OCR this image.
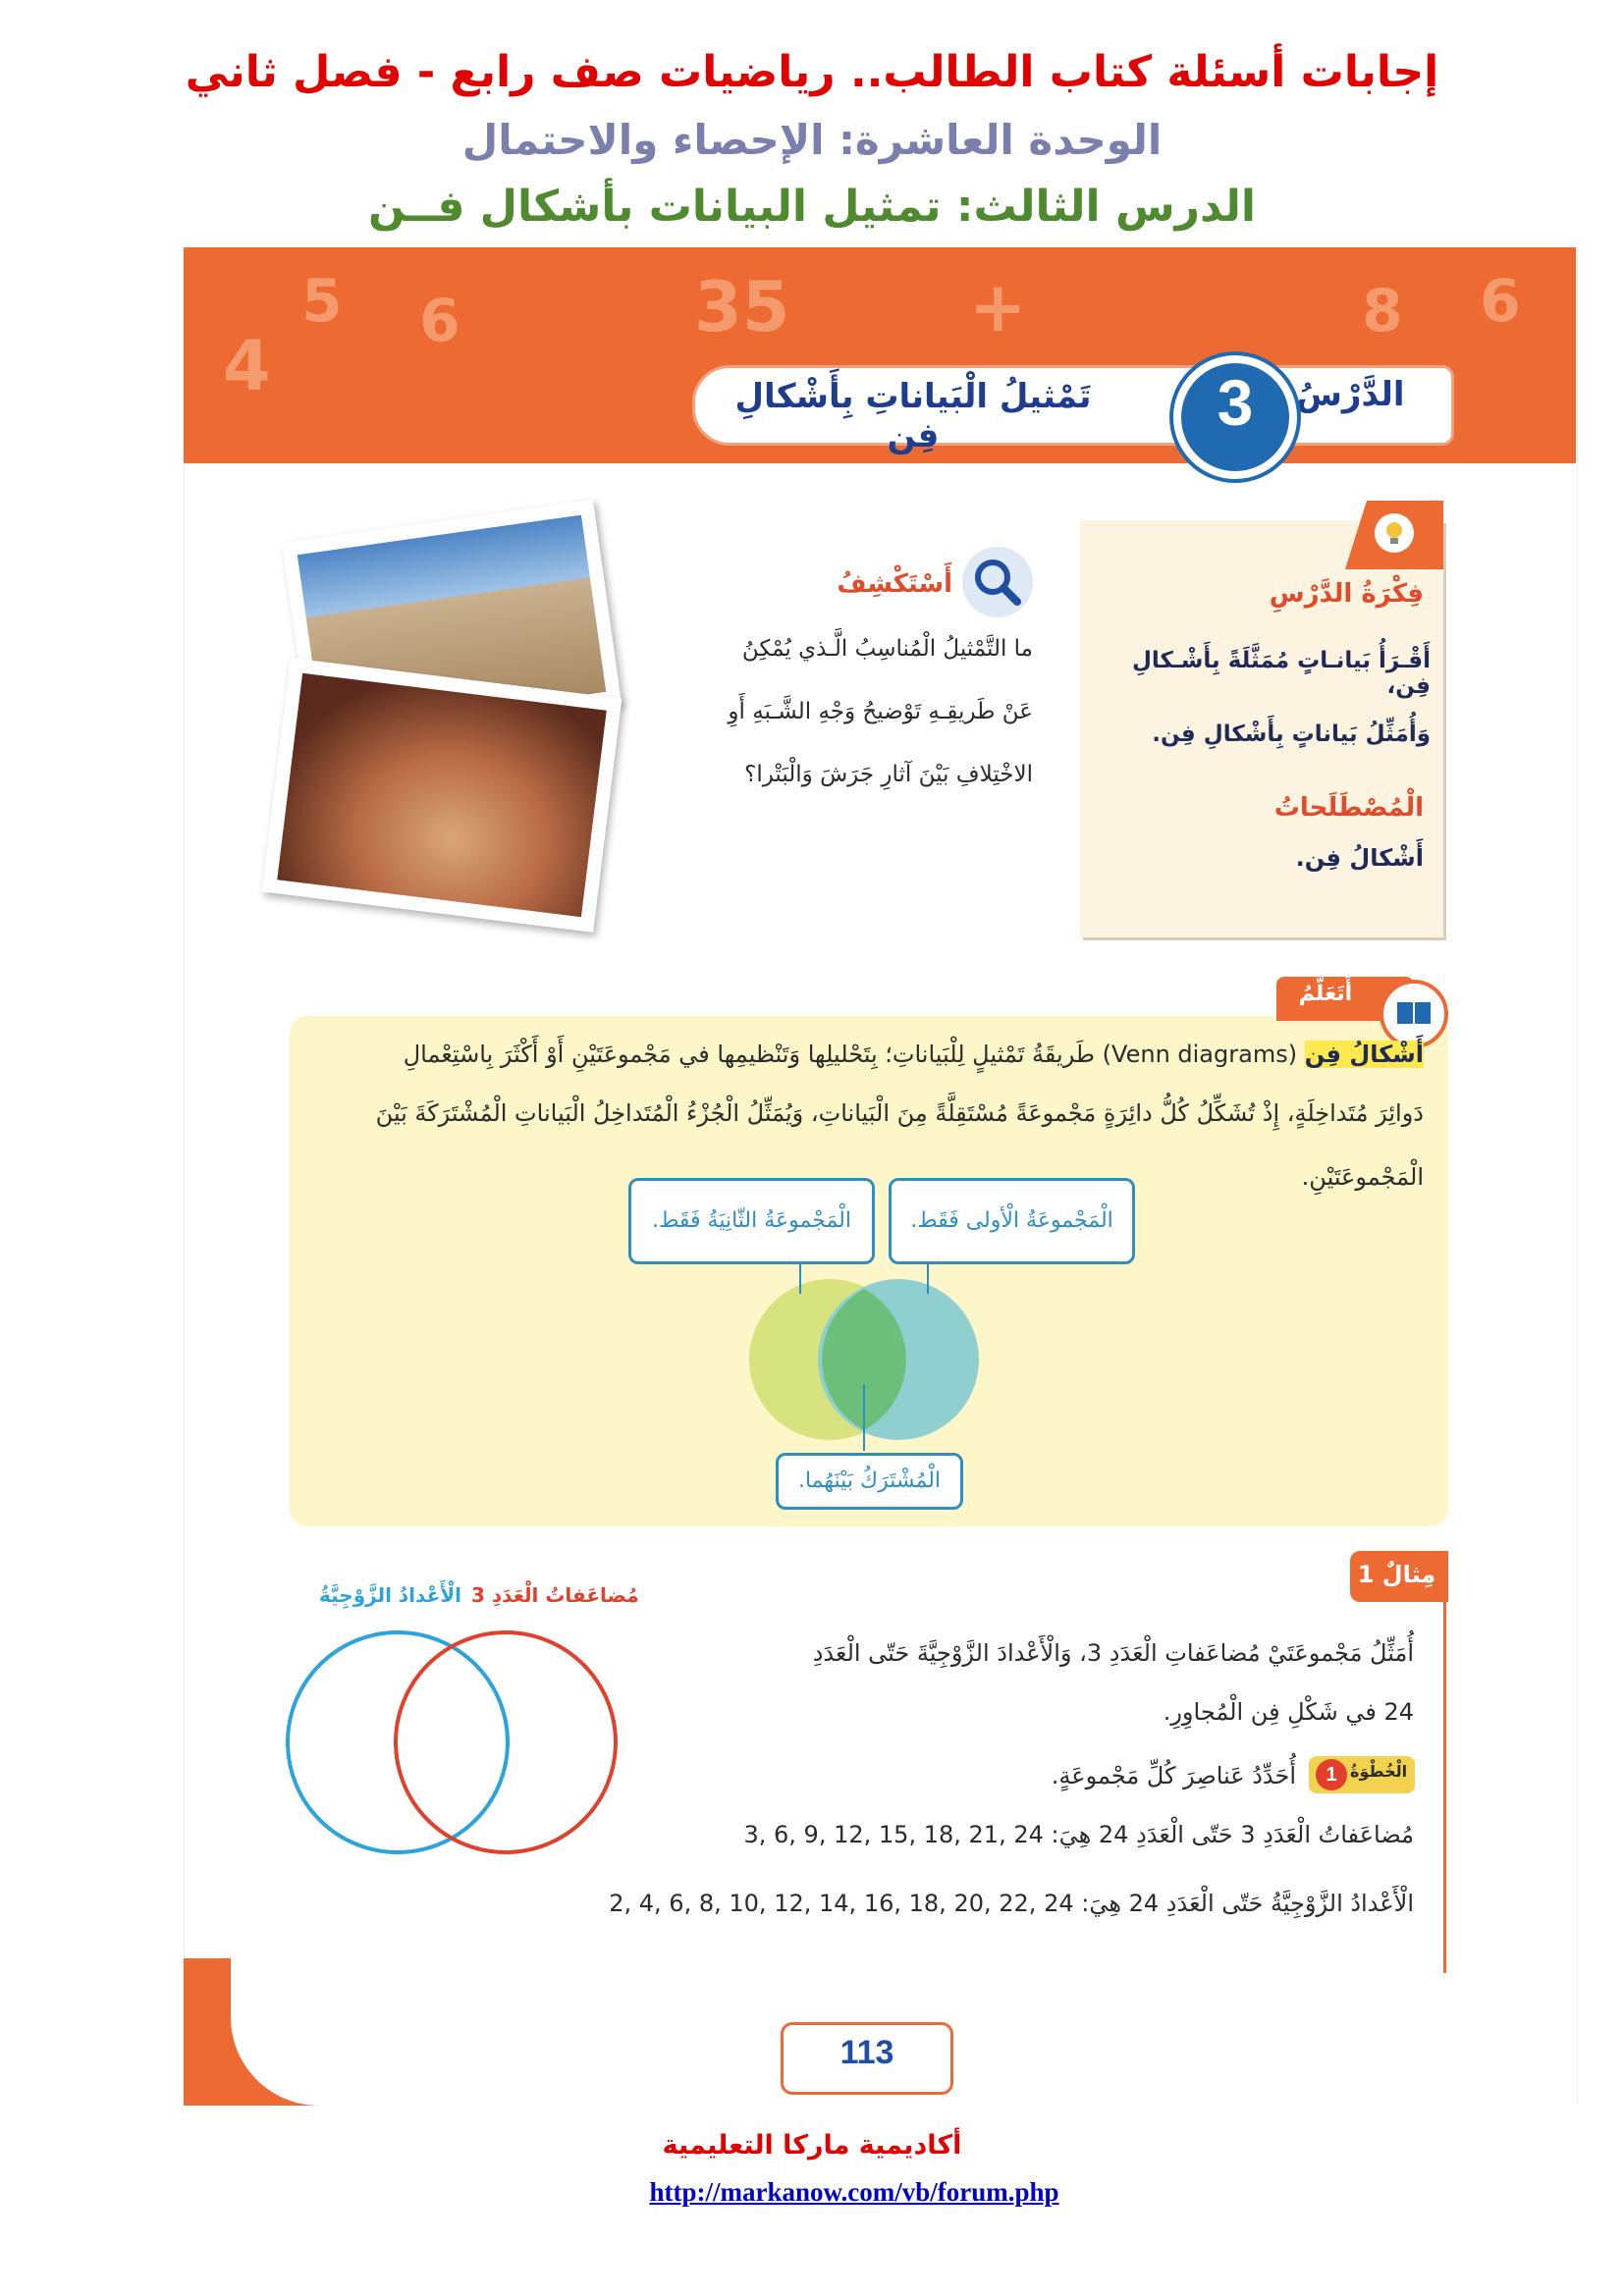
إجابات أسئلة كتاب الطالب.. رياضيات صف رابع - فصل ثاني
الوحدة العاشرة: الإحصاء والاحتمال
الدرس الثالث: تمثيل البيانات بأشكال فــن
4
5 6	35	+	8 6
تَمْثيلُ الْبَياناتِ بِأَشْكالِ فِن
الدَّرْسُ
3
فِكْرَةُ الدَّرْسِ
أَقْـرَأُ بَيانـاتٍ مُمَثَّلَةً بِأَشْـكالِ فِن،
وَأُمَثِّلُ بَياناتٍ بِأَشْكالِ فِن.
الْمُصْطَلَحاتُ
أَشْكالُ فِن.
أَسْتَكْشِفُ
ما التَّمْثيلُ الْمُناسِبُ الَّـذي يُمْكِنُ
عَنْ طَريقِـهِ تَوْضيحُ وَجْهِ الشَّـبَهِ أَوِ
الاخْتِلافِ بَيْنَ آثارِ جَرَشَ وَالْبَتْرا؟
أَتَعَلَّمُ
أَشْكالُ فِن (Venn diagrams) طَريقَةُ تَمْثيلٍ لِلْبَياناتِ؛ بِتَحْليلِها وَتَنْظيمِها في مَجْموعَتَيْنِ أَوْ أَكْثَرَ بِاسْتِعْمالِ
دَوائِرَ مُتَداخِلَةٍ، إِذْ تُشَكِّلُ كُلُّ دائِرَةٍ مَجْموعَةً مُسْتَقِلَّةً مِنَ الْبَياناتِ، وَيُمَثِّلُ الْجُزْءُ الْمُتَداخِلُ الْبَياناتِ الْمُشْتَرَكَةَ بَيْنَ
الْمَجْموعَتَيْنِ.
الْمَجْموعَةُ الْأولى فَقَط.
الْمَجْموعَةُ الثّانِيَةُ فَقَط.
الْمُشْتَرَكُ بَيْنَهُما.
مِثالٌ 1
الْأَعْدادُ الزَّوْجِيَّةُ مُضاعَفاتُ الْعَدَدِ 3
أُمَثِّلُ مَجْموعَتَيْ مُضاعَفاتِ الْعَدَدِ 3، وَالْأَعْدادَ الزَّوْجِيَّةَ حَتّى الْعَدَدِ
24 في شَكْلِ فِن الْمُجاوِرِ.
1 الْخُطْوَةُ
أُحَدِّدُ عَناصِرَ كُلِّ مَجْموعَةٍ.
مُضاعَفاتُ الْعَدَدِ 3 حَتّى الْعَدَدِ 24 هِيَ: 24 ,21 ,18 ,15 ,12 ,9 ,6 ,3
الْأَعْدادُ الزَّوْجِيَّةُ حَتّى الْعَدَدِ 24 هِيَ: 24 ,22 ,20 ,18 ,16 ,14 ,12 ,10 ,8 ,6 ,4 ,2
113
أكاديمية ماركا التعليمية
http://markanow.com/vb/forum.php
